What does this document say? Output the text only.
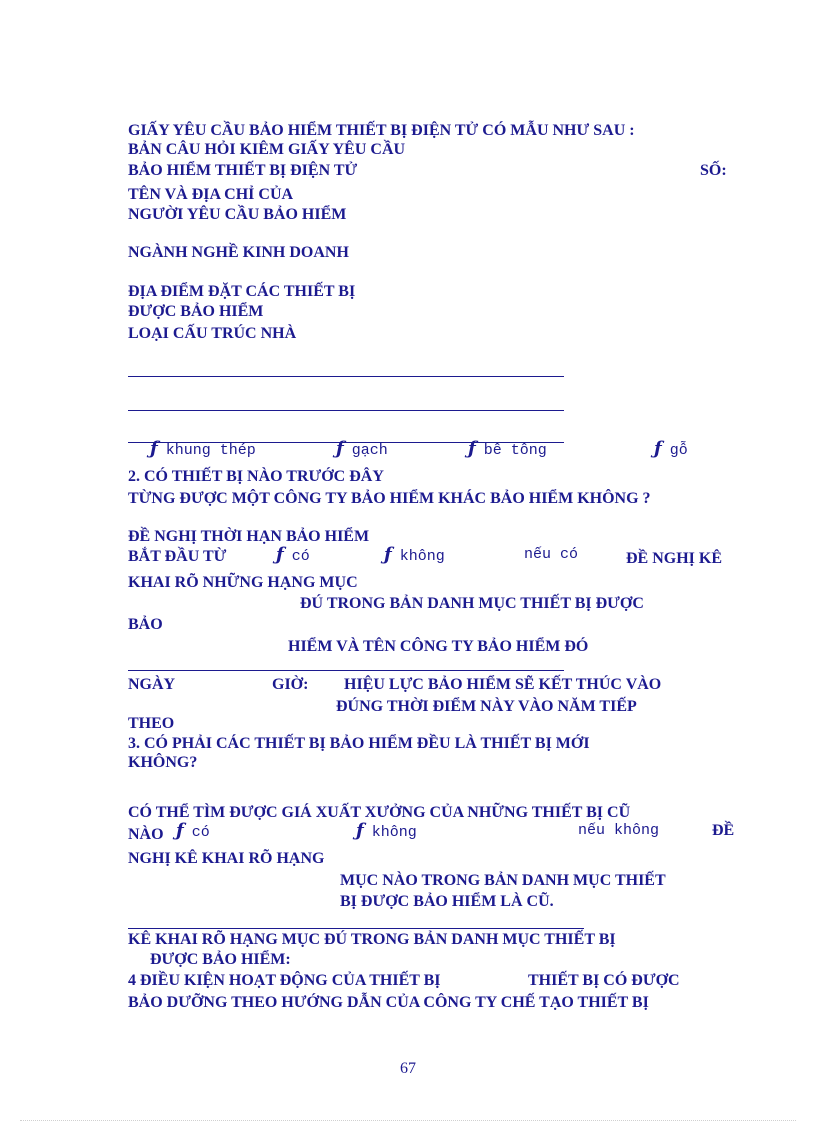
GIẤY YÊU CẦU BẢO HIỂM THIẾT BỊ ĐIỆN TỬ CÓ MẪU NHƯ SAU :
BẢN CÂU HỎI KIÊM GIẤY YÊU CẦU
BẢO HIỂM THIẾT BỊ ĐIỆN TỬ	SỐ:
TÊN VÀ ĐỊA CHỈ CỦA
NGƯỜI YÊU CẦU BẢO HIỂM
NGÀNH NGHỀ KINH DOANH
ĐỊA ĐIỂM ĐẶT CÁC THIẾT BỊ
ĐƯỢC BẢO HIỂM
LOẠI CẤU TRÚC NHÀ
ƒ khung thép	ƒ gạch	ƒ bê tông	ƒ gỗ
2. CÓ THIẾT BỊ NÀO TRƯỚC ĐÂY
TỪNG ĐƯỢC MỘT CÔNG TY BẢO HIỂM KHÁC BẢO HIỂM KHÔNG ?
ĐỀ NGHỊ THỜI HẠN BẢO HIỂM
BẮT ĐẦU TỪ	ƒ có	ƒ không	nếu có	ĐỀ NGHỊ KÊ
KHAI RÕ NHỮNG HẠNG MỤC
ĐÚ TRONG BẢN DANH MỤC THIẾT BỊ ĐƯỢC
BẢO
HIỂM VÀ TÊN CÔNG TY BẢO HIỂM ĐÓ
NGÀY	GIỜ: HIỆU LỰC BẢO HIỂM SẼ KẾT THÚC VÀO
ĐÚNG THỜI ĐIỂM NÀY VÀO NĂM TIẾP
THEO
3. CÓ PHẢI CÁC THIẾT BỊ BẢO HIỂM ĐỀU LÀ THIẾT BỊ MỚI
KHÔNG?
CÓ THỂ TÌM ĐƯỢC GIÁ XUẤT XƯỞNG CỦA NHỮNG THIẾT BỊ CŨ
NÀO ƒ có	ƒ không	nếu không	ĐỀ
NGHỊ KÊ KHAI RÕ HẠNG
MỤC NÀO TRONG BẢN DANH MỤC THIẾT
BỊ ĐƯỢC BẢO HIỂM LÀ CŨ.
KÊ KHAI RÕ HẠNG MỤC ĐÚ TRONG BẢN DANH MỤC THIẾT BỊ
ĐƯỢC BẢO HIỂM:
4 ĐIỀU KIỆN HOẠT ĐỘNG CỦA THIẾT BỊ	THIẾT BỊ CÓ ĐƯỢC
BẢO DƯỠNG THEO HƯỚNG DẪN CỦA CÔNG TY CHẾ TẠO THIẾT BỊ
67
